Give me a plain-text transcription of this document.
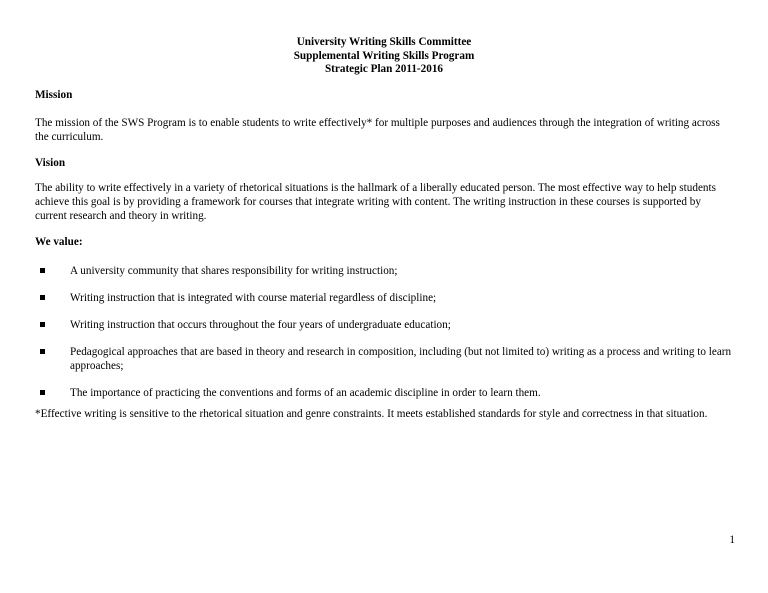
University Writing Skills Committee
Supplemental Writing Skills Program
Strategic Plan 2011-2016
Mission
The mission of the SWS Program is to enable students to write effectively* for multiple purposes and audiences through the integration of writing across the curriculum.
Vision
The ability to write effectively in a variety of rhetorical situations is the hallmark of a liberally educated person. The most effective way to help students achieve this goal is by providing a framework for courses that integrate writing with content. The writing instruction in these courses is supported by current research and theory in writing.
We value:
A university community that shares responsibility for writing instruction;
Writing instruction that is integrated with course material regardless of discipline;
Writing instruction that occurs throughout the four years of undergraduate education;
Pedagogical approaches that are based in theory and research in composition, including (but not limited to) writing as a process and writing to learn approaches;
The importance of practicing the conventions and forms of an academic discipline in order to learn them.
*Effective writing is sensitive to the rhetorical situation and genre constraints. It meets established standards for style and correctness in that situation.
1
